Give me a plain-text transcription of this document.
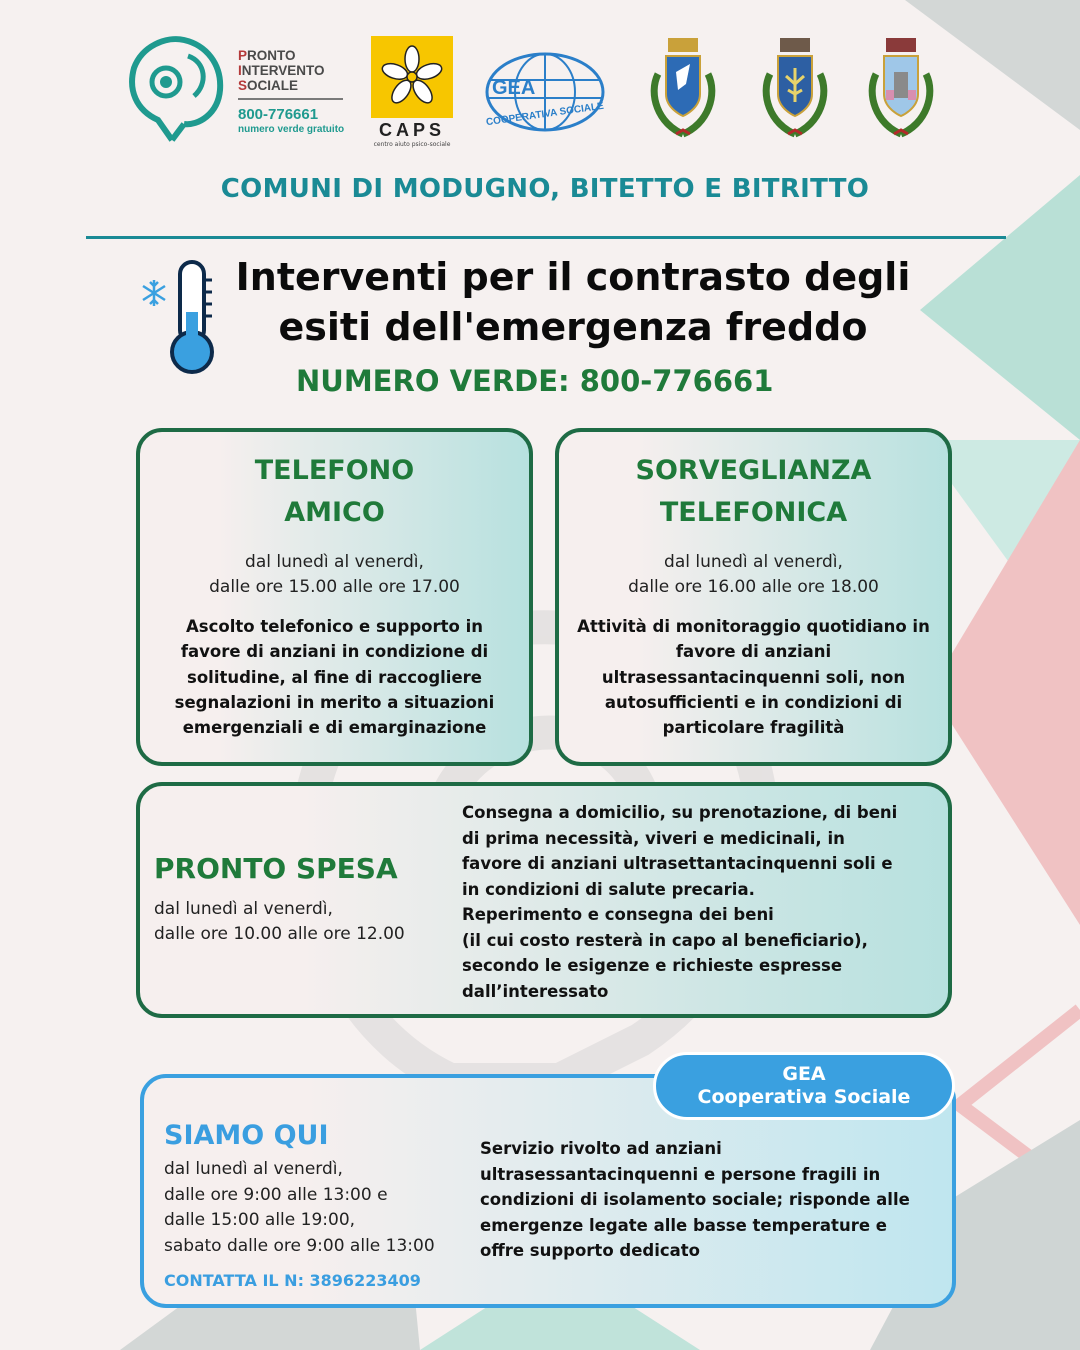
PRONTO
INTERVENTO
SOCIALE
800-776661
numero verde gratuito	CAPS
centro aiuto psico-sociale
GEA
COOPERATIVA SOCIALE
COMUNI DI MODUGNO, BITETTO E BITRITTO
Interventi per il contrasto degli
esiti dell'emergenza freddo
NUMERO VERDE: 800-776661
TELEFONO
AMICO
dal lunedì al venerdì,
dalle ore 15.00 alle ore 17.00
Ascolto telefonico e supporto in favore di anziani in condizione di solitudine, al fine di raccogliere segnalazioni in merito a situazioni emergenziali e di emarginazione
SORVEGLIANZA
TELEFONICA
dal lunedì al venerdì,
dalle ore 16.00 alle ore 18.00
Attività di monitoraggio quotidiano in favore di anziani ultrasessantacinquenni soli, non autosufficienti e in condizioni di particolare fragilità
PRONTO SPESA
dal lunedì al venerdì,
dalle ore 10.00 alle ore 12.00
Consegna a domicilio, su prenotazione, di beni
di prima necessità, viveri e medicinali, in
favore di anziani ultrasettantacinquenni soli e
in condizioni di salute precaria.
Reperimento e consegna dei beni
(il cui costo resterà in capo al beneficiario),
secondo le esigenze e richieste espresse
dall’interessato
SIAMO QUI
dal lunedì al venerdì,
dalle ore 9:00 alle 13:00 e
dalle 15:00 alle 19:00,
sabato dalle ore 9:00 alle 13:00
CONTATTA IL N: 3896223409
Servizio rivolto ad anziani ultrasessantacinquenni e persone fragili in condizioni di isolamento sociale; risponde alle emergenze legate alle basse temperature e offre supporto dedicato
GEA
Cooperativa Sociale
